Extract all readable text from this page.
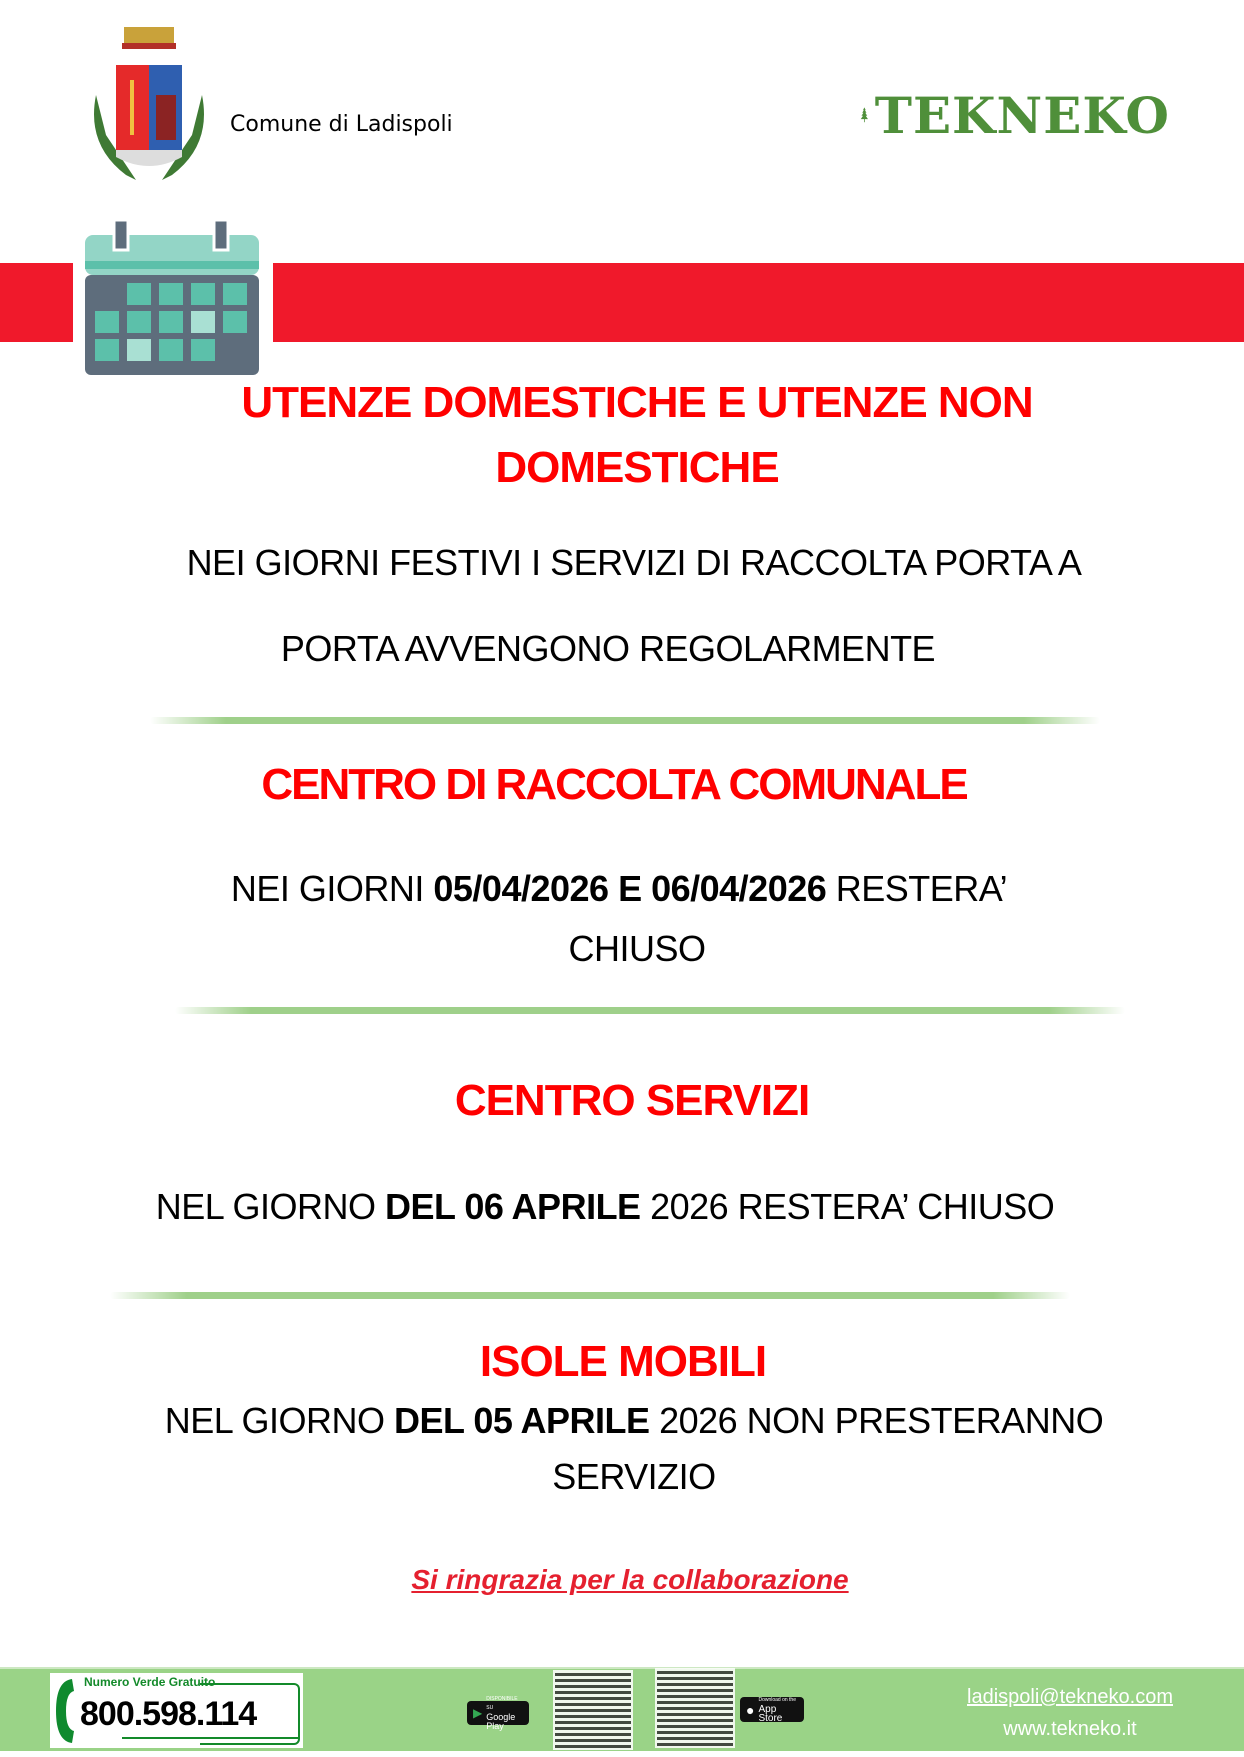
Comune di Ladispoli	TEKNEKO
UTENZE DOMESTICHE E UTENZE NON
DOMESTICHE
NEI GIORNI FESTIVI I SERVIZI DI RACCOLTA PORTA A
PORTA AVVENGONO REGOLARMENTE
CENTRO DI RACCOLTA COMUNALE
NEI GIORNI 05/04/2026 E 06/04/2026 RESTERA’
CHIUSO
CENTRO SERVIZI
NEL GIORNO DEL 06 APRILE 2026 RESTERA’ CHIUSO
ISOLE MOBILI
NEL GIORNO DEL 05 APRILE 2026 NON PRESTERANNO
SERVIZIO
Si ringrazia per la collaborazione
Numero Verde Gratuito
800.598.114	▶
DISPONIBILE SU
Google Play
●
Download on the
App Store
ladispoli@tekneko.com
www.tekneko.it
